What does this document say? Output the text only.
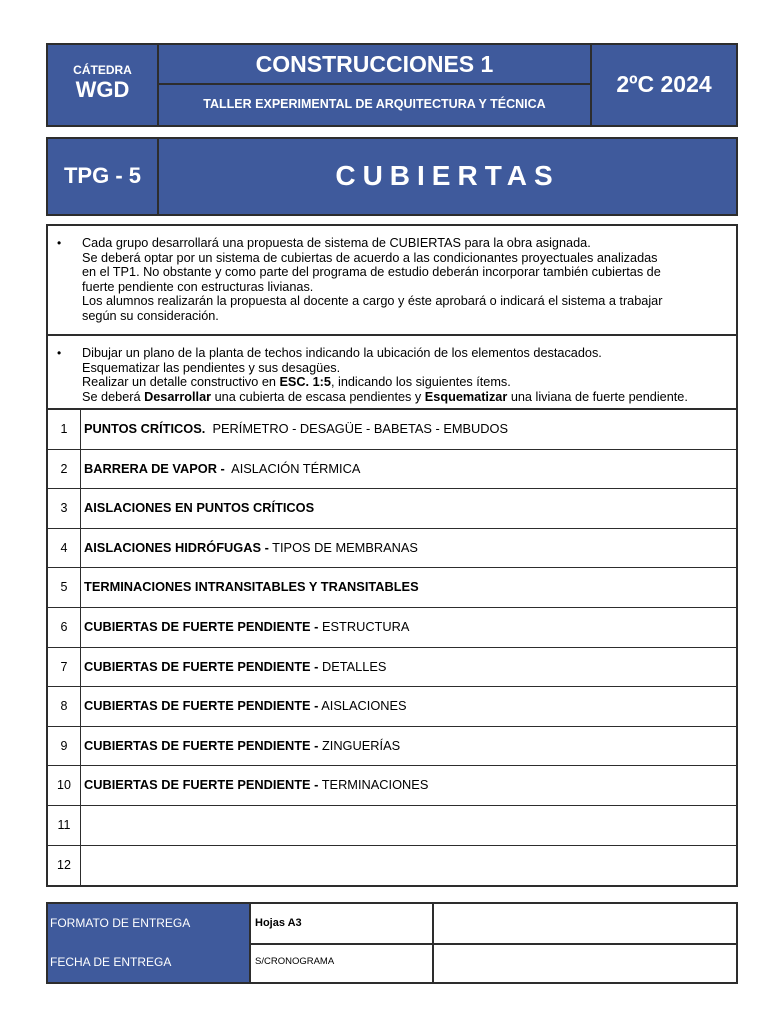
CÁTEDRA
WGD
CONSTRUCCIONES 1
TALLER EXPERIMENTAL DE ARQUITECTURA Y TÉCNICA
2ºC 2024
TPG - 5	CUBIERTAS
• Cada grupo desarrollará una propuesta de sistema de CUBIERTAS para la obra asignada.
Se deberá optar por un sistema de cubiertas de acuerdo a las condicionantes proyectuales analizadas
en el TP1. No obstante y como parte del programa de estudio deberán incorporar también cubiertas de
fuerte pendiente con estructuras livianas.
Los alumnos realizarán la propuesta al docente a cargo y éste aprobará o indicará el sistema a trabajar
según su consideración.
• Dibujar un plano de la planta de techos indicando la ubicación de los elementos destacados.
Esquematizar las pendientes y sus desagües.
Realizar un detalle constructivo en ESC. 1:5, indicando los siguientes ítems.
Se deberá Desarrollar una cubierta de escasa pendientes y Esquematizar una liviana de fuerte pendiente.
1	PUNTOS CRÍTICOS.  PERÍMETRO - DESAGÜE - BABETAS - EMBUDOS
2	BARRERA DE VAPOR -  AISLACIÓN TÉRMICA
3	AISLACIONES EN PUNTOS CRÍTICOS
4	AISLACIONES HIDRÓFUGAS - TIPOS DE MEMBRANAS
5	TERMINACIONES INTRANSITABLES Y TRANSITABLES
6	CUBIERTAS DE FUERTE PENDIENTE - ESTRUCTURA
7	CUBIERTAS DE FUERTE PENDIENTE - DETALLES
8	CUBIERTAS DE FUERTE PENDIENTE - AISLACIONES
9	CUBIERTAS DE FUERTE PENDIENTE - ZINGUERÍAS
10	CUBIERTAS DE FUERTE PENDIENTE - TERMINACIONES
11
12
FORMATO DE ENTREGA	Hojas A3
FECHA DE ENTREGA	S/CRONOGRAMA
